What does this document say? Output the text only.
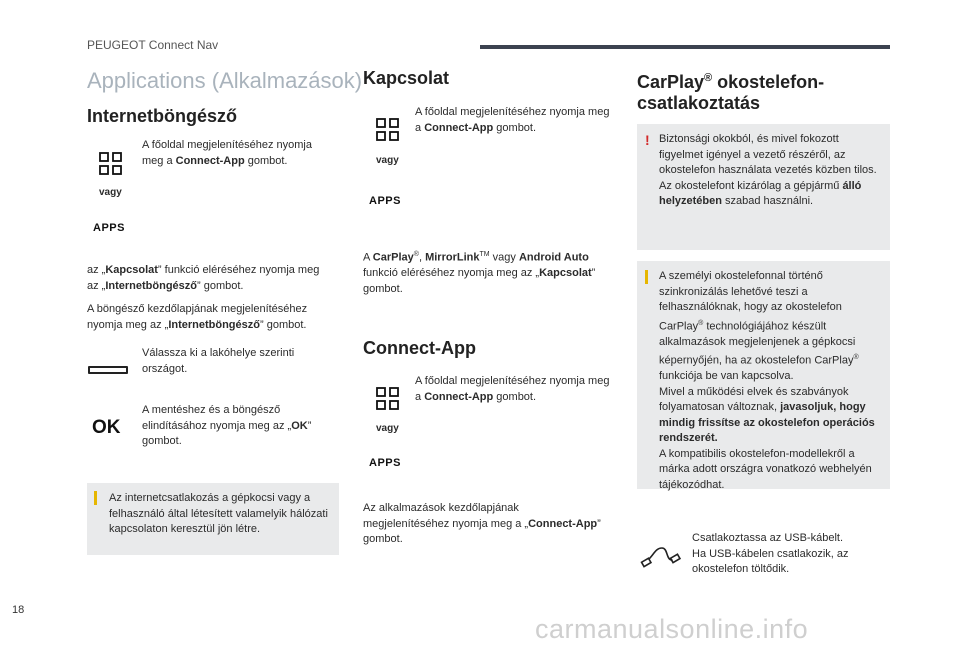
PEUGEOT Connect Nav
Applications (Alkalmazások)
Internetböngésző
A főoldal megjelenítéséhez nyomja meg a Connect-App gombot.
vagy
APPS
az „Kapcsolat” funkció eléréséhez nyomja meg az „Internetböngésző” gombot.
A böngésző kezdőlapjának megjelenítéséhez nyomja meg az „Internetböngésző” gombot.
Válassza ki a lakóhelye szerinti országot.
OK
A mentéshez és a böngésző elindításához nyomja meg az „OK” gombot.
Az internetcsatlakozás a gépkocsi vagy a felhasználó által létesített valamelyik hálózati kapcsolaton keresztül jön létre.
Kapcsolat
A főoldal megjelenítéséhez nyomja meg a Connect-App gombot.
vagy
APPS
A CarPlay®, MirrorLink™ vagy Android Auto funkció eléréséhez nyomja meg az „Kapcsolat” gombot.
Connect-App
A főoldal megjelenítéséhez nyomja meg a Connect-App gombot.
vagy
APPS
Az alkalmazások kezdőlapjának megjelenítéséhez nyomja meg a „Connect-App” gombot.
CarPlay® okostelefon-
csatlakoztatás
! Biztonsági okokból, és mivel fokozott figyelmet igényel a vezető részéről, az okostelefon használata vezetés közben tilos.
Az okostelefont kizárólag a gépjármű álló helyzetében szabad használni.
A személyi okostelefonnal történő szinkronizálás lehetővé teszi a felhasználóknak, hogy az okostelefon CarPlay® technológiájához készült alkalmazások megjelenjenek a gépkocsi képernyőjén, ha az okostelefon CarPlay® funkciója be van kapcsolva.
Mivel a működési elvek és szabványok folyamatosan változnak, javasoljuk, hogy mindig frissítse az okostelefon operációs rendszerét.
A kompatibilis okostelefon-modellekről a márka adott országra vonatkozó webhelyén tájékozódhat.
Csatlakoztassa az USB-kábelt.
Ha USB-kábelen csatlakozik, az okostelefon töltődik.
18
carmanualsonline.info
